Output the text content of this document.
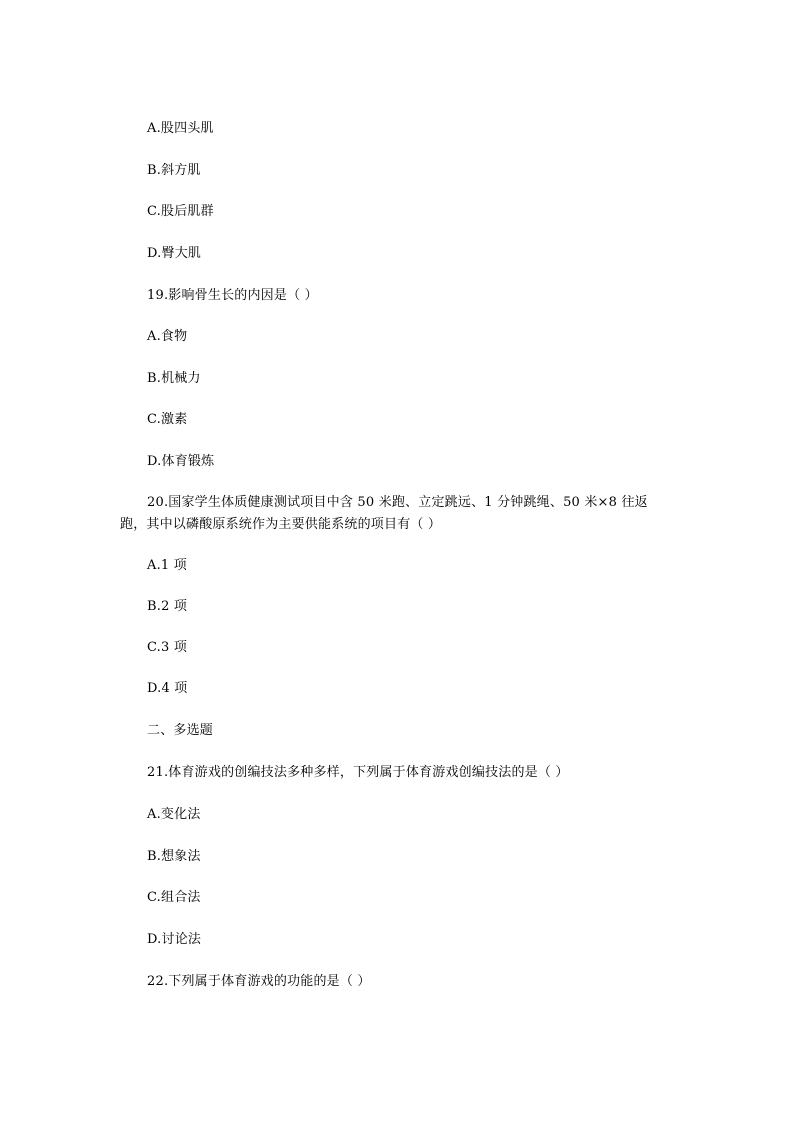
A.股四头肌
B.斜方肌
C.股后肌群
D.臀大肌
19.影响骨生长的内因是（ ）
A.食物
B.机械力
C.激素
D.体育锻炼
20.国家学生体质健康测试项目中含 50 米跑、立定跳远、1 分钟跳绳、50 米×8 往返
跑，其中以磷酸原系统作为主要供能系统的项目有（ ）
A.1 项
B.2 项
C.3 项
D.4 项
二、多选题
21.体育游戏的创编技法多种多样，下列属于体育游戏创编技法的是（ ）
A.变化法
B.想象法
C.组合法
D.讨论法
22.下列属于体育游戏的功能的是（ ）
